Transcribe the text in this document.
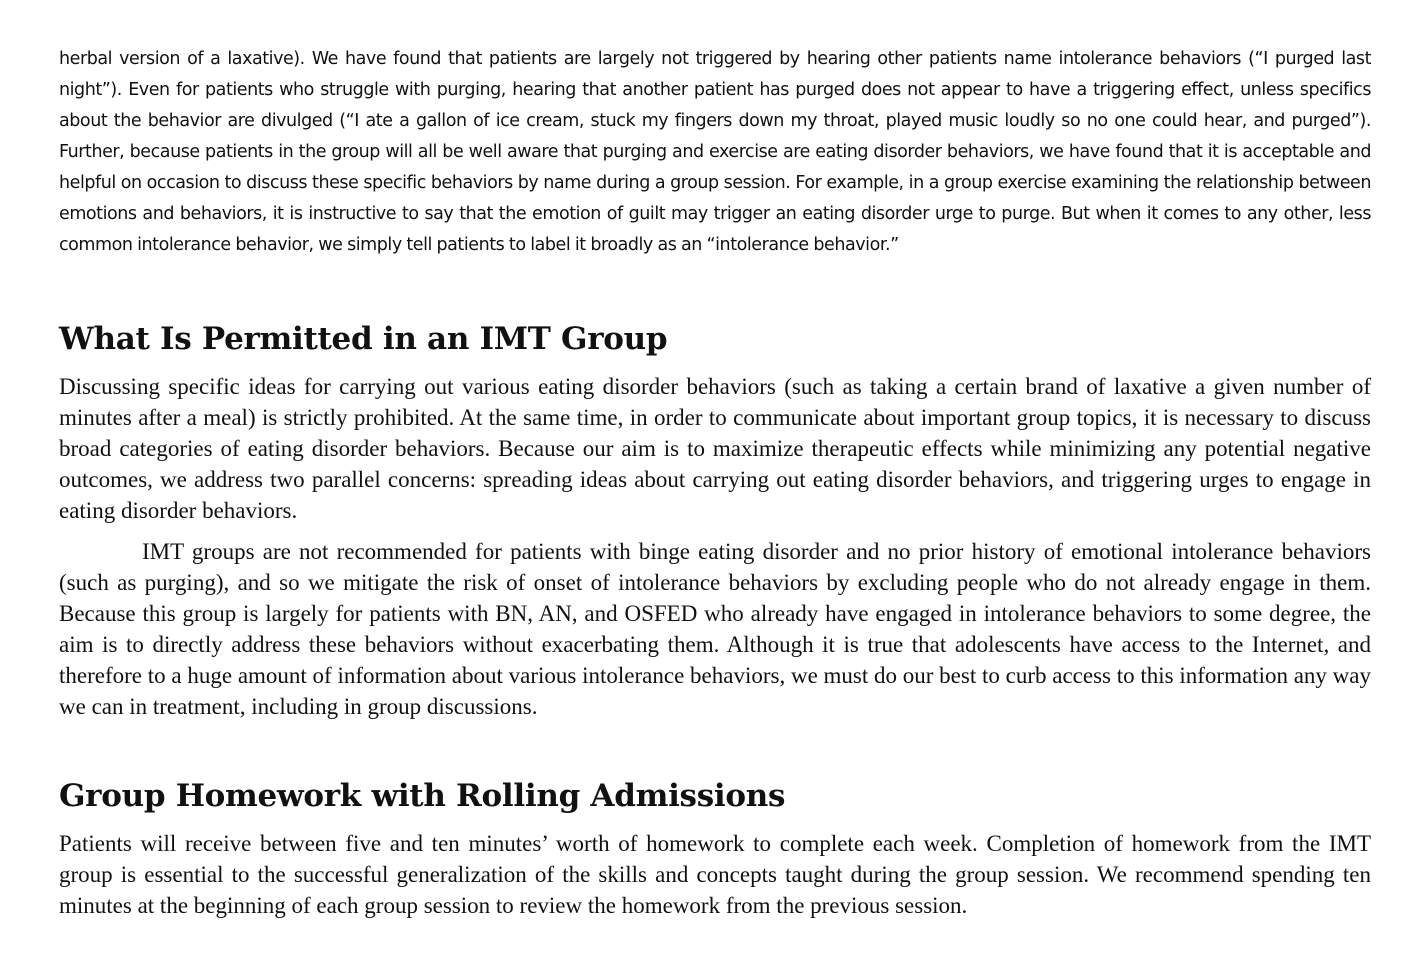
herbal version of a laxative). We have found that patients are largely not triggered by hearing other patients name intolerance behaviors (“I purged last night”). Even for patients who struggle with purging, hearing that another patient has purged does not appear to have a triggering effect, unless specifics about the behavior are divulged (“I ate a gallon of ice cream, stuck my fingers down my throat, played music loudly so no one could hear, and purged”). Further, because patients in the group will all be well aware that purging and exercise are eating disorder behaviors, we have found that it is acceptable and helpful on occasion to discuss these specific behaviors by name during a group session. For example, in a group exercise examining the relationship between emotions and behaviors, it is instructive to say that the emotion of guilt may trigger an eating disorder urge to purge. But when it comes to any other, less common intolerance behavior, we simply tell patients to label it broadly as an “intolerance behavior.”

What Is Permitted in an IMT Group

Discussing specific ideas for carrying out various eating disorder behaviors (such as taking a certain brand of laxative a given number of minutes after a meal) is strictly prohibited. At the same time, in order to communicate about important group topics, it is necessary to discuss broad categories of eating disorder behaviors. Because our aim is to maximize therapeutic effects while minimizing any potential negative outcomes, we address two parallel concerns: spreading ideas about carrying out eating disorder behaviors, and triggering urges to engage in eating disorder behaviors.

IMT groups are not recommended for patients with binge eating disorder and no prior history of emotional intolerance behaviors (such as purging), and so we mitigate the risk of onset of intolerance behaviors by excluding people who do not already engage in them. Because this group is largely for patients with BN, AN, and OSFED who already have engaged in intolerance behaviors to some degree, the aim is to directly address these behaviors without exacerbating them. Although it is true that adolescents have access to the Internet, and therefore to a huge amount of information about various intolerance behaviors, we must do our best to curb access to this information any way we can in treatment, including in group discussions.

Group Homework with Rolling Admissions

Patients will receive between five and ten minutes’ worth of homework to complete each week. Completion of homework from the IMT group is essential to the successful generalization of the skills and concepts taught during the group session. We recommend spending ten minutes at the beginning of each group session to review the homework from the previous session.
